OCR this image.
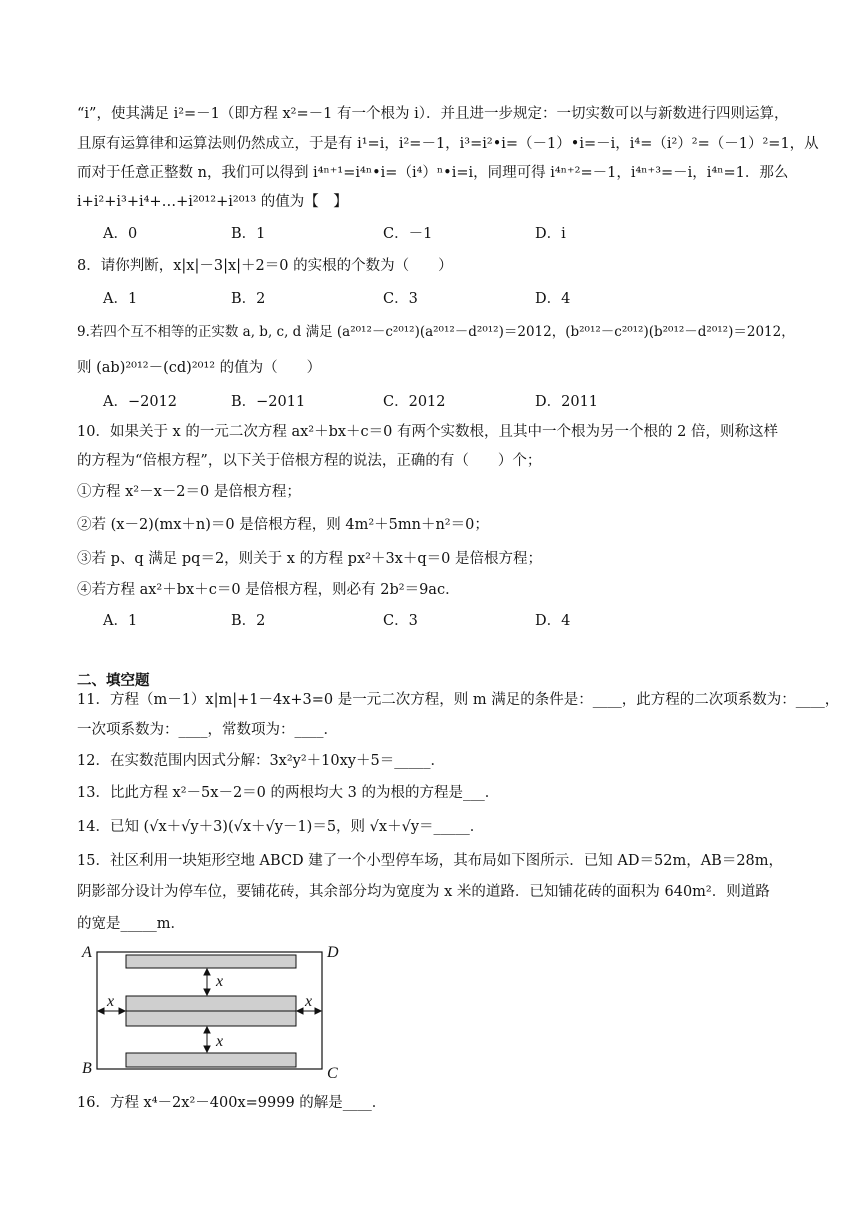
“i”，使其满足 i²=－1（即方程 x²=－1 有一个根为 i）．并且进一步规定：一切实数可以与新数进行四则运算，
且原有运算律和运算法则仍然成立，于是有 i¹=i，i²=－1，i³=i²•i=（－1）•i=－i，i⁴=（i²）²=（－1）²=1，从
而对于任意正整数 n，我们可以得到 i⁴ⁿ⁺¹=i⁴ⁿ•i=（i⁴）ⁿ•i=i，同理可得 i⁴ⁿ⁺²=－1，i⁴ⁿ⁺³=－i，i⁴ⁿ=1．那么
i+i²+i³+i⁴+…+i²⁰¹²+i²⁰¹³ 的值为【　】
A．0	B．1	C．－1	D．i
8．请你判断，x|x|－3|x|＋2＝0 的实根的个数为（　　）
A．1	B．2	C．3	D．4
9.若四个互不相等的正实数 a, b, c, d 满足 (a²⁰¹²－c²⁰¹²)(a²⁰¹²－d²⁰¹²)＝2012，(b²⁰¹²－c²⁰¹²)(b²⁰¹²－d²⁰¹²)＝2012，
则 (ab)²⁰¹²－(cd)²⁰¹² 的值为（　　）
A．−2012	B．−2011	C．2012	D．2011
10．如果关于 x 的一元二次方程 ax²＋bx＋c＝0 有两个实数根，且其中一个根为另一个根的 2 倍，则称这样
的方程为“倍根方程”，以下关于倍根方程的说法，正确的有（　　）个；
①方程 x²－x－2＝0 是倍根方程；
②若 (x－2)(mx＋n)＝0 是倍根方程，则 4m²＋5mn＋n²＝0；
③若 p、q 满足 pq＝2，则关于 x 的方程 px²＋3x＋q＝0 是倍根方程；
④若方程 ax²＋bx＋c＝0 是倍根方程，则必有 2b²＝9ac．
A．1	B．2	C．3	D．4
二、填空题
11．方程（m－1）x|m|+1－4x+3=0 是一元二次方程，则 m 满足的条件是：____，此方程的二次项系数为：____，
一次项系数为：____，常数项为：____．
12．在实数范围内因式分解：3x²y²＋10xy＋5＝_____．
13．比此方程 x²－5x－2＝0 的两根均大 3 的为根的方程是___．
14．已知 (√x＋√y＋3)(√x＋√y－1)＝5，则 √x＋√y＝_____．
15．社区利用一块矩形空地 ABCD 建了一个小型停车场，其布局如下图所示．已知 AD＝52m，AB＝28m，
阴影部分设计为停车位，要铺花砖，其余部分均为宽度为 x 米的道路．已知铺花砖的面积为 640m²．则道路
的宽是_____m．
A	D
B	C
x
x	x
x
16．方程 x⁴－2x²－400x=9999 的解是____．
